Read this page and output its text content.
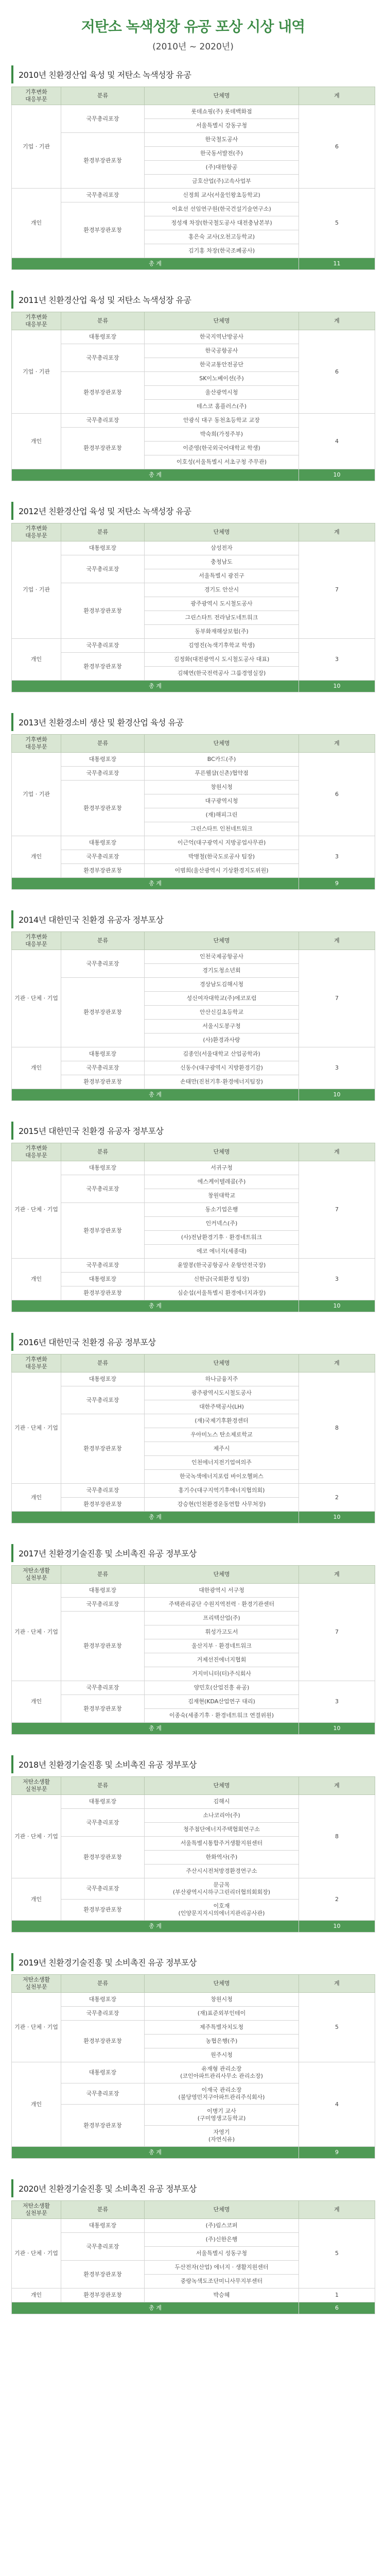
저탄소 녹색성장 유공 포상 시상 내역
(2010년 ~ 2020년)
2010년 친환경산업 육성 및 저탄소 녹색성장 유공
기후변화
대응부문	분류	단체명	계
기업 · 기관	국무총리포장	롯데쇼핑(주) 롯데백화점	6
		서울특별시 강동구청	
	환경부장관포창	한국철도공사	
		한국동서발전(주)	
		(주)대한항공	
		금호산업(주)고속사업부	
개인	국무총리포장	신정희 교사(서울인왕초등학교)	5
	환경부장관포창	이효선 선임연구원(한국건설기술연구소)	
		정성재 차장(한국철도공사 대전충남본부)	
		홍은숙 교사(오천고등학교)	
		김기홍 차장(한국조폐공사)	
총 계			11
2011년 친환경산업 육성 및 저탄소 녹색성장 유공
기후변화
대응부문	분류	단체명	계
기업 · 기관	대통령포장	한국지역난방공사	6
	국무총리포장	한국공항공사	
		한국교통안전공단	
	환경부장관포창	SK이노베이션(주)	
		울산광역시청	
		테스코 홈플러스(주)	
개인	국무총리포장	안광식 대구 동천초등학교 교장	4
	환경부장관포창	박숙희(가정주부)	
		이준영(한국외국어대학교 학생)	
		이호성(서울특별시 서초구청 주무관)	
총 계			10
2012년 친환경산업 육성 및 저탄소 녹색성장 유공
기후변화
대응부문	분류	단체명	계
기업 · 기관	대통령포장	삼성전자	7
	국무총리포장	충청남도	
		서울특별시 광진구	
	환경부장관포창	경기도 안산시	
		광주광역시 도시철도공사	
		그린스타트 전라남도네트워크	
		동부화재해상보험(주)	
개인	국무총리포장	김영진(녹색기후학교 학생)	3
	환경부장관포창	김정화(대전광역시 도시철도공사 대표)	
		김혜연(한국전력공사 그룹경영실장)	
총 계			10
2013년 친환경소비 생산 및 환경산업 육성 유공
기후변화
대응부문	분류	단체명	계
기업 · 기관	대통령포장	BC카드(주)	6
	국무총리포장	푸른웰샵(신촌)협약점	
	환경부장관포창	창원시청	
		대구광역시청	
		(재)해피그린	
		그린스타트 인천네트워크	
개인	대통령포장	이근억(대구광역시 지방공업사무관)	3
	국무총리포장	박병철(한국도로공사 팀장)	
	환경부장관포창	이범희(울산광역시 기상환경지도위원)	
총 계			9
2014년 대한민국 친환경 유공자 정부포상
기후변화
대응부문	분류	단체명	계
기관 · 단체 · 기업	국무총리포장	인천국제공항공사	7
		경기도청소년회	
	환경부장관포창	경상남도김해시청	
		성신여자대학교(주)에코포럼	
		안산신길초등학교	
		서울시도봉구청	
		(사)환경과사랑	
개인	대통령포장	김종인(서울대학교 산업공학과)	3
	국무총리포장	신동수(대구광역시 지방환경기감)	
	환경부장관포창	손태만(진천기후·환경에너지팀장)	
총 계			10
2015년 대한민국 친환경 유공자 정부포상
기후변화
대응부문	분류	단체명	계
기관 · 단체 · 기업	대통령포장	서귀구청	7
	국무총리포장	에스케이텔레콤(주)	
		창원대학교	
	환경부장관포창	동소기업은행	
		인커넥스(주)	
		(사)전남환경기후 · 환경네트워크	
		에코 에너지(세종대)	
개인	국무총리포장	윤말봉(한국공항공사 운항안전국장)	3
	대통령포장	신한금(국회환경 팀장)	
	환경부장관포창	심순섭(서울특별시 환경에너지과장)	
총 계			10
2016년 대한민국 친환경 유공 정부포상
기후변화
대응부문	분류	단체명	계
기관 · 단체 · 기업	대통령포장	하나금융지주	8
	국무총리포장	광주광역시도시철도공사	
		대한주택공사(LH)	
	환경부장관포창	(재)국제기후환경센터	
		우아미노스 탄소제로학교	
		제주시	
		인천에너지전기업여의주	
		한국녹색에너지포럼 바이오헬퍼스	
개인	국무총리포장	홍기수(대구지역기후에너지협의회)	2
	환경부장관포창	강승현(인천환경운동연합 사무처장)	
총 계			10
2017년 친환경기술진흥 및 소비촉진 유공 정부포상
저탄소생활
실천부문	분류	단체명	계
기관 · 단체 · 기업	대통령포장	대한광역시 서구청	7
	국무총리포장	주택관리공단 수원지역전력 · 환경기관센터	
	환경부장관포창	프리텍산업(주)	
		휘성가고도서	
		울산지부 · 환경네트워크	
		거제선진에너지협회	
		거지미니터(터)주식회사	
개인	국무총리포장	양민호(산업진흥 유공)	3
	환경부장관포창	김재현(KDA산업연구 대리)	
		이종숙(세종기후 · 환경네트워크 연결위원)	
총 계			10
2018년 친환경기술진흥 및 소비촉진 유공 정부포상
저탄소생활
실천부문	분류	단체명	계
기관 · 단체 · 기업	대통령포장	김해시	8
	국무총리포장	소나코리아(주)	
		청주첨단에너지주택협회연구소	
	환경부장관포창	서울특별시통합주거생활지원센터	
		한화역사(주)	
		주산시시전처방경환경연구소	
개인	국무총리포장	문금목
(부산광역시시하구그린리더협의회회장)	2
	환경부장관포창	이호재
(인양문지지시의에너지관리공사관)	
총 계			10
2019년 친환경기술진흥 및 소비촉진 유공 정부포상
저탄소생활
실천부문	분류	단체명	계
기관 · 단체 · 기업	대통령포장	창원시청	5
	국무총리포장	(재)표준외부인테이	
	환경부장관포창	제주특별자치도청	
		농협은행(주)	
		원주시청	
개인	대통령포장	유재형 관리소장
(코인아파트관리사무소 관리소장)	4
	국무총리포장	이재국 관리소장
(불당영민지구아파트관리주식회사)	
	환경부장관포창	이병기 교사
(구미영생고등학교)	
		자영기
(자연식유)	
총 계			9
2020년 친환경기술진흥 및 소비촉진 유공 정부포상
저탄소생활
실천부문	분류	단체명	계
기관 · 단체 · 기업	대통령포장	(주)림스코퍼	5
	국무총리포장	(주)신한은행	
		서울특별시 성동구청	
	환경부장관포창	두산전자(산업) 에너지 · 생활지원센터	
		중랑녹색도조단미니사무지부센터	
개인	환경부장관포창	박승혜	1
총 계			6
